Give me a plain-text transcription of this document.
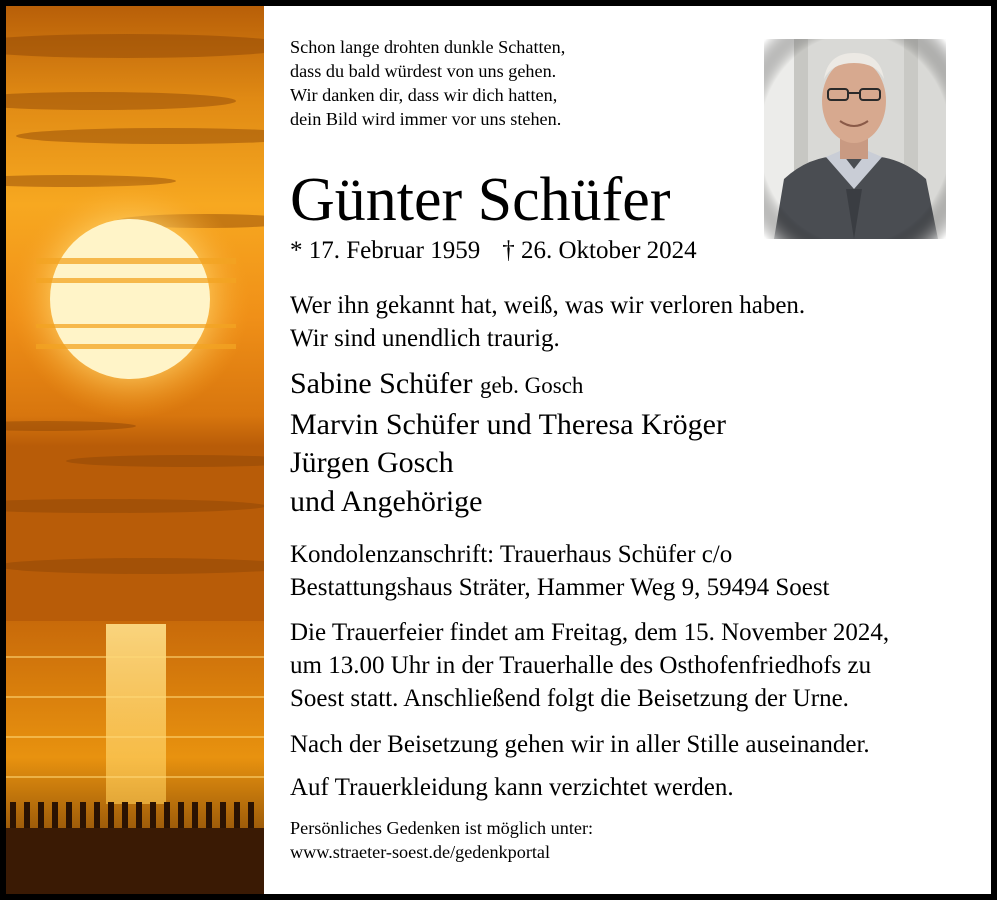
Schon lange drohten dunkle Schatten,
dass du bald würdest von uns gehen.
Wir danken dir, dass wir dich hatten,
dein Bild wird immer vor uns stehen.
Günter Schüfer
* 17. Februar 1959 † 26. Oktober 2024
Wer ihn gekannt hat, weiß, was wir verloren haben.
Wir sind unendlich traurig.
Sabine Schüfer geb. Gosch
Marvin Schüfer und Theresa Kröger
Jürgen Gosch
und Angehörige
Kondolenzanschrift: Trauerhaus Schüfer c/o
Bestattungshaus Sträter, Hammer Weg 9, 59494 Soest
Die Trauerfeier findet am Freitag, dem 15. November 2024,
um 13.00 Uhr in der Trauerhalle des Osthofenfriedhofs zu
Soest statt. Anschließend folgt die Beisetzung der Urne.
Nach der Beisetzung gehen wir in aller Stille auseinander.
Auf Trauerkleidung kann verzichtet werden.
Persönliches Gedenken ist möglich unter:
www.straeter-soest.de/gedenkportal
